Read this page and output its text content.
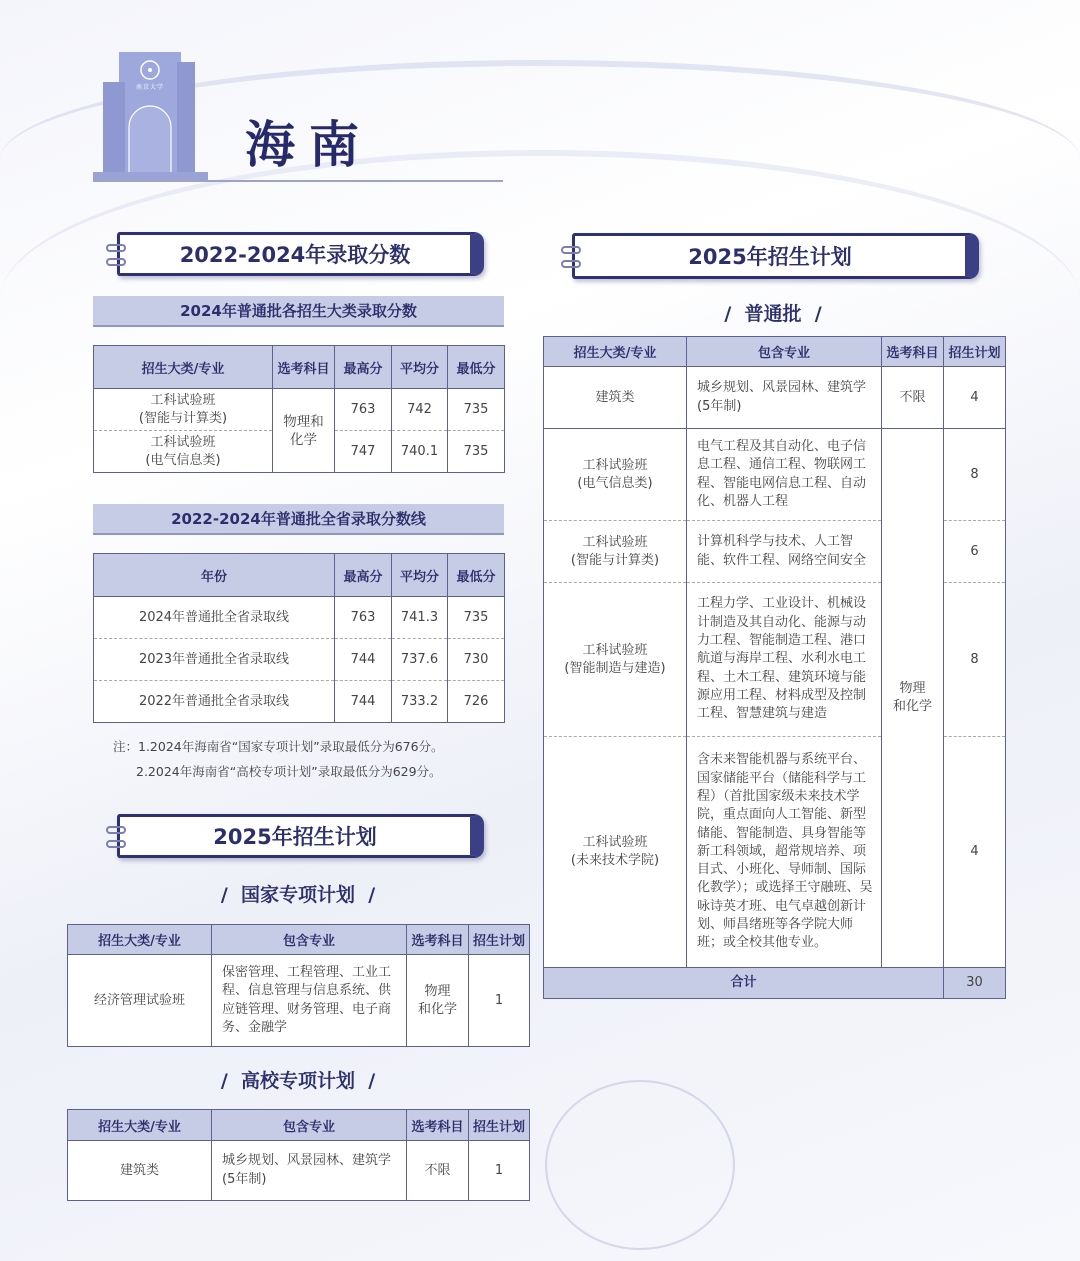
南京大学
海南
2022-2024年录取分数
2024年普通批各招生大类录取分数
招生大类/专业	选考科目	最高分	平均分	最低分
工科试验班
(智能与计算类)	物理和化学	763	742	735
工科试验班
(电气信息类)		747	740.1	735
2022-2024年普通批全省录取分数线
年份	最高分	平均分	最低分
2024年普通批全省录取线	763	741.3	735
2023年普通批全省录取线	744	737.6	730
2022年普通批全省录取线	744	733.2	726
注：1.2024年海南省“国家专项计划”录取最低分为676分。
2.2024年海南省“高校专项计划”录取最低分为629分。
2025年招生计划
/  国家专项计划  /
招生大类/专业	包含专业	选考科目	招生计划
经济管理试验班	保密管理、工程管理、工业工程、信息管理与信息系统、供应链管理、财务管理、电子商务、金融学	物理
和化学	1
/  高校专项计划  /
招生大类/专业	包含专业	选考科目	招生计划
建筑类	城乡规划、风景园林、建筑学(5年制)	不限	1
2025年招生计划
/  普通批  /
招生大类/专业	包含专业	选考科目	招生计划
建筑类	城乡规划、风景园林、建筑学(5年制)	不限	4
工科试验班
(电气信息类)	电气工程及其自动化、电子信息工程、通信工程、物联网工程、智能电网信息工程、自动化、机器人工程	物理
和化学	8
工科试验班
(智能与计算类)	计算机科学与技术、人工智能、软件工程、网络空间安全		6
工科试验班
(智能制造与建造)	工程力学、工业设计、机械设计制造及其自动化、能源与动力工程、智能制造工程、港口航道与海岸工程、水利水电工程、土木工程、建筑环境与能源应用工程、材料成型及控制工程、智慧建筑与建造		8
工科试验班
(未来技术学院)	含未来智能机器与系统平台、国家储能平台（储能科学与工程）（首批国家级未来技术学院，重点面向人工智能、新型储能、智能制造、具身智能等新工科领域，超常规培养、项目式、小班化、导师制、国际化教学）；或选择王守融班、吴咏诗英才班、电气卓越创新计划、师昌绪班等各学院大师班；或全校其他专业。		4
合计			30
